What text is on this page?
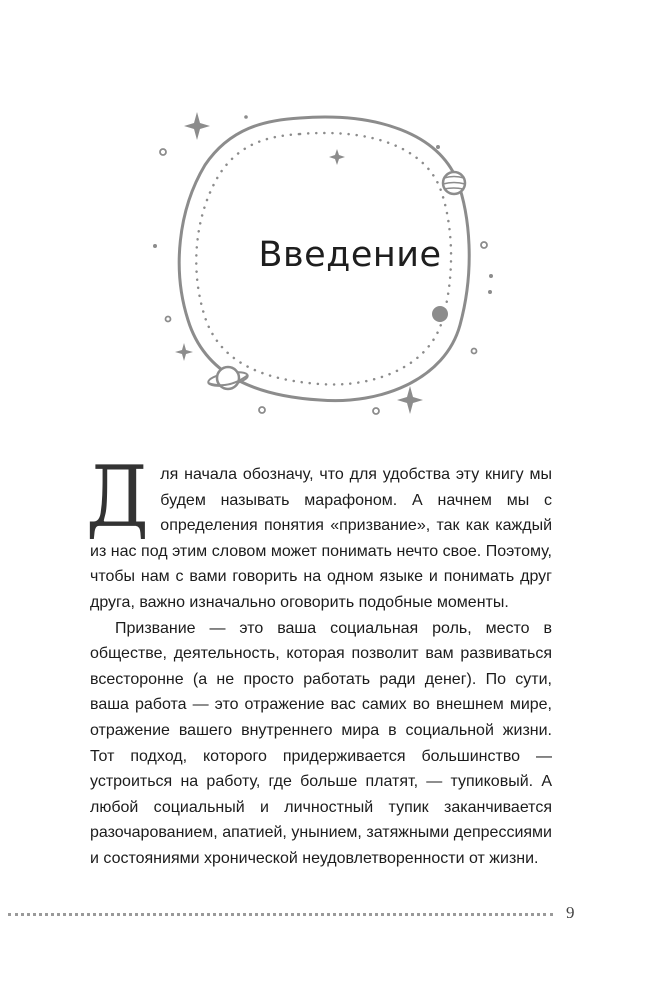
Введение

Для начала обозначу, что для удобства эту книгу мы будем называть марафоном. А начнем мы с определения понятия «призвание», так как каждый из нас под этим словом может понимать нечто свое. Поэтому, чтобы нам с вами говорить на одном языке и понимать друг друга, важно изначально оговорить подобные моменты.

Призвание — это ваша социальная роль, место в обществе, деятельность, которая позволит вам развиваться всесторонне (а не просто работать ради денег). По сути, ваша работа — это отражение вас самих во внешнем мире, отражение вашего внутреннего мира в социальной жизни. Тот подход, которого придерживается большинство — устроиться на работу, где больше платят, — тупиковый. А любой социальный и личностный тупик заканчивается разочарованием, апатией, унынием, затяжными депрессиями и состояниями хронической неудовлетворенности от жизни.

9
